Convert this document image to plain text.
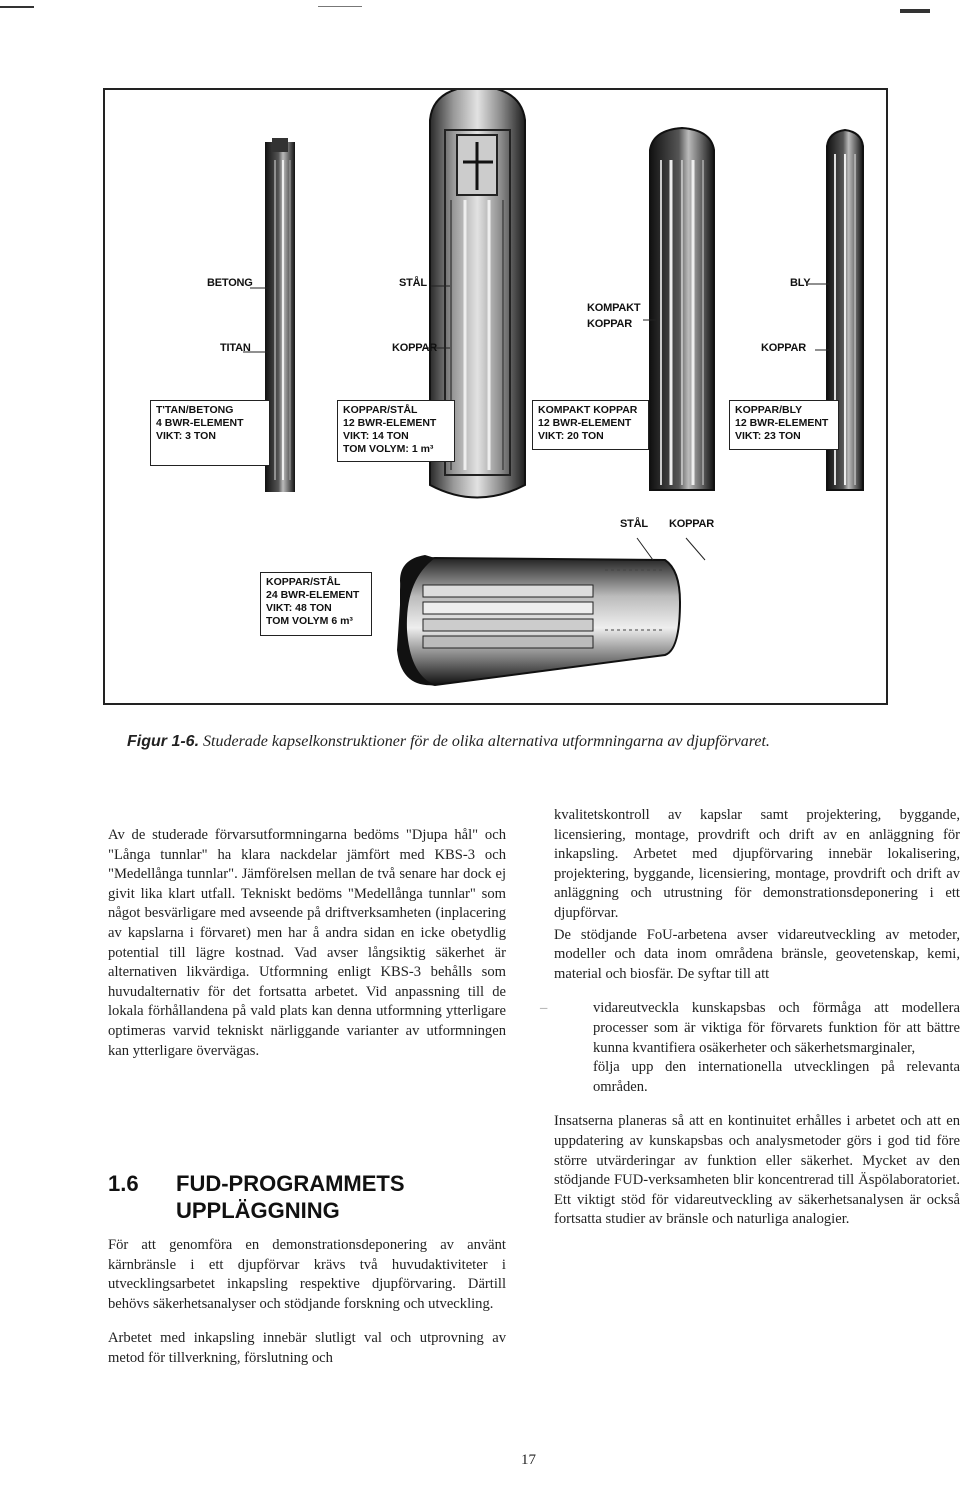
BETONG
TITAN
STÅL
KOPPAR
KOMPAKT
KOPPAR
BLY
KOPPAR
STÅL KOPPAR
T'TAN/BETONG
4 BWR-ELEMENT
VIKT: 3 TON
KOPPAR/STÅL
12 BWR-ELEMENT
VIKT: 14 TON
TOM VOLYM: 1 m³
KOMPAKT KOPPAR
12 BWR-ELEMENT
VIKT: 20 TON
KOPPAR/BLY
12 BWR-ELEMENT
VIKT: 23 TON
KOPPAR/STÅL
24 BWR-ELEMENT
VIKT: 48 TON
TOM VOLYM 6 m³
Figur 1-6. Studerade kapselkonstruktioner för de olika alternativa utformningarna av djupförvaret.

Av de studerade förvarsutformningarna bedöms "Djupa hål" och "Långa tunnlar" ha klara nackdelar jämfört med KBS-3 och "Medellånga tunnlar". Jämförelsen mellan de två senare har dock ej givit lika klart utfall. Tekniskt bedöms "Medellånga tunnlar" som något besvärligare med avseende på driftverksamheten (inplacering av kapslarna i förvaret) men har å andra sidan en icke obetydlig potential till lägre kostnad. Vad avser långsiktig säkerhet är alternativen likvärdiga. Utformning enligt KBS-3 behålls som huvudalternativ för det fortsatta arbetet. Vid anpassning till de lokala förhållandena på vald plats kan denna utformning ytterligare optimeras varvid tekniskt närliggande varianter av utformningen kan ytterligare övervägas.

1.6 FUD-PROGRAMMETS
UPPLÄGGNING

För att genomföra en demonstrationsdeponering av använt kärnbränsle i ett djupförvar krävs två huvudaktiviteter i utvecklingsarbetet inkapsling respektive djupförvaring. Därtill behövs säkerhetsanalyser och stödjande forskning och utveckling.

Arbetet med inkapsling innebär slutligt val och utprovning av metod för tillverkning, förslutning och

kvalitetskontroll av kapslar samt projektering, byggande, licensiering, montage, provdrift och drift av en anläggning för inkapsling. Arbetet med djupförvaring innebär lokalisering, projektering, byggande, licensiering, montage, provdrift och drift av anläggning och utrustning för demonstrationsdeponering i ett djupförvar.

De stödjande FoU-arbetena avser vidareutveckling av metoder, modeller och data inom områdena bränsle, geovetenskap, kemi, material och biosfär. De syftar till att

–	vidareutveckla kunskapsbas och förmåga att modellera processer som är viktiga för förvarets funktion för att bättre kunna kvantifiera osäkerheter och säkerhetsmarginaler,
följa upp den internationella utvecklingen på relevanta områden.

Insatserna planeras så att en kontinuitet erhålles i arbetet och att en uppdatering av kunskapsbas och analysmetoder görs i god tid före större utvärderingar av funktion eller säkerhet. Mycket av den stödjande FUD-verksamheten blir koncentrerad till Äspölaboratoriet. Ett viktigt stöd för vidareutveckling av säkerhetsanalysen är också fortsatta studier av bränsle och naturliga analogier.

17
